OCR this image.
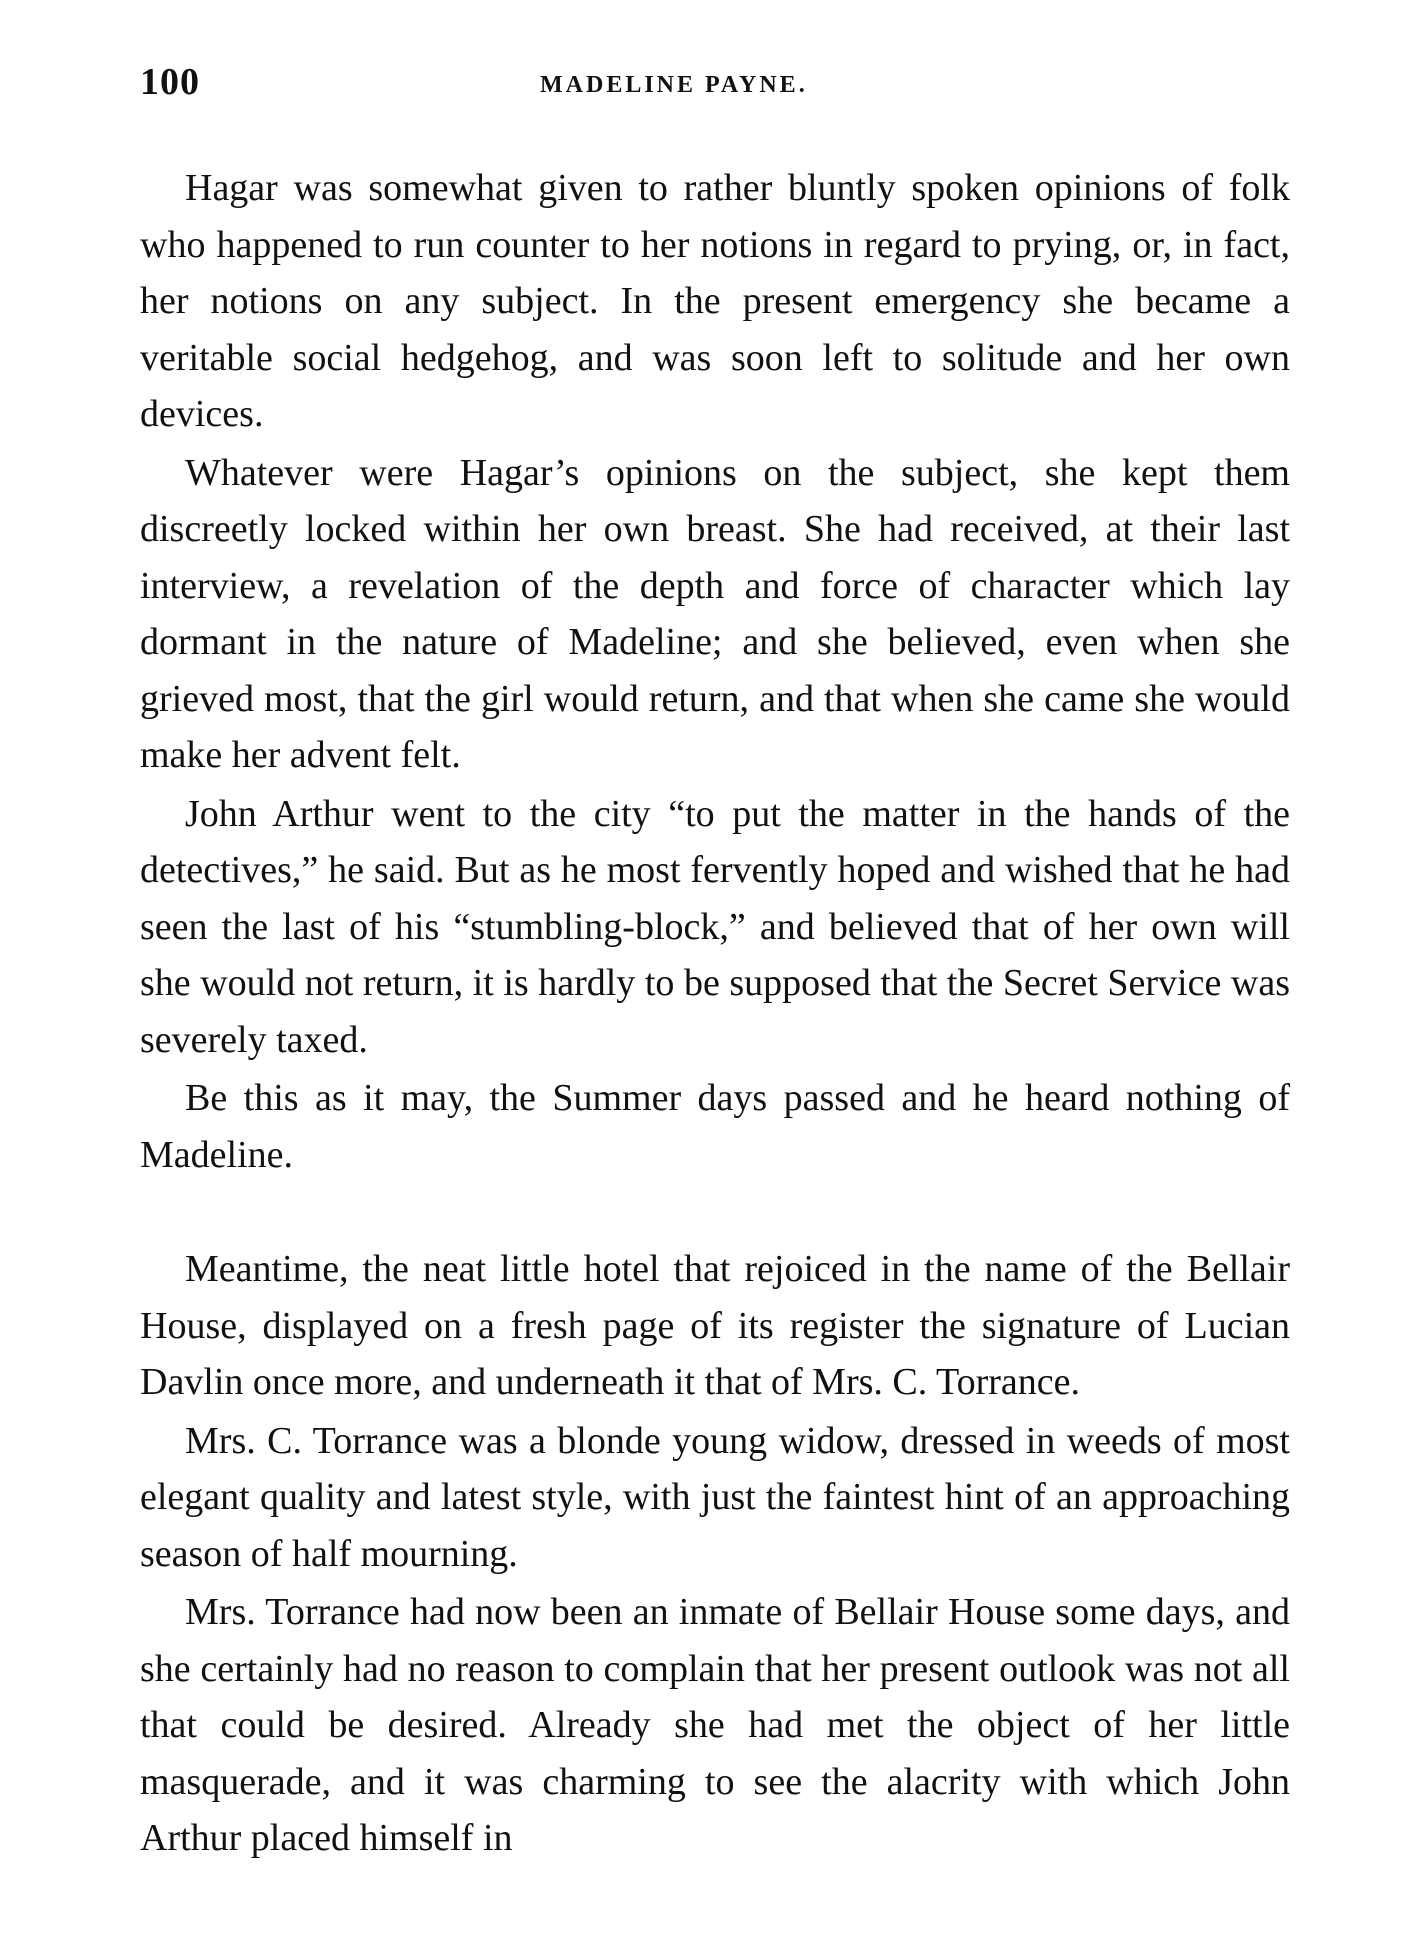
100	MADELINE PAYNE.

Hagar was somewhat given to rather bluntly spoken opinions of folk who happened to run counter to her notions in regard to prying, or, in fact, her notions on any subject. In the present emergency she became a veritable social hedgehog, and was soon left to solitude and her own devices.

Whatever were Hagar’s opinions on the subject, she kept them discreetly locked within her own breast. She had received, at their last interview, a revelation of the depth and force of character which lay dormant in the nature of Madeline; and she believed, even when she grieved most, that the girl would return, and that when she came she would make her advent felt.

John Arthur went to the city “to put the matter in the hands of the detectives,” he said. But as he most fervently hoped and wished that he had seen the last of his “stumbling-block,” and believed that of her own will she would not return, it is hardly to be supposed that the Secret Service was severely taxed.

Be this as it may, the Summer days passed and he heard nothing of Madeline.

Meantime, the neat little hotel that rejoiced in the name of the Bellair House, displayed on a fresh page of its register the signature of Lucian Davlin once more, and underneath it that of Mrs. C. Torrance.

Mrs. C. Torrance was a blonde young widow, dressed in weeds of most elegant quality and latest style, with just the faintest hint of an approaching season of half mourning.

Mrs. Torrance had now been an inmate of Bellair House some days, and she certainly had no reason to complain that her present outlook was not all that could be desired. Already she had met the object of her little masquerade, and it was charming to see the alacrity with which John Arthur placed himself in
